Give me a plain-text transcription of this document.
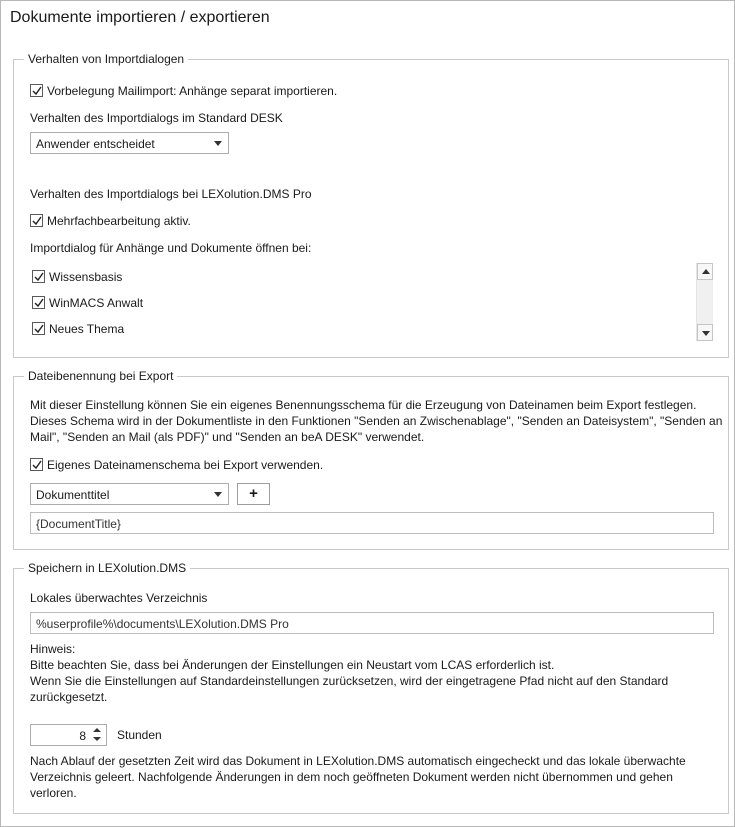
Dokumente importieren / exportieren
Verhalten von Importdialogen
Vorbelegung Mailimport: Anhänge separat importieren.
Verhalten des Importdialogs im Standard DESK
Anwender entscheidet
Verhalten des Importdialogs bei LEXolution.DMS Pro
Mehrfachbearbeitung aktiv.
Importdialog für Anhänge und Dokumente öffnen bei:
Wissensbasis
WinMACS Anwalt
Neues Thema
Dateibenennung bei Export
Mit dieser Einstellung können Sie ein eigenes Benennungsschema für die Erzeugung von Dateinamen beim Export festlegen.
Dieses Schema wird in der Dokumentliste in den Funktionen "Senden an Zwischenablage", "Senden an Dateisystem", "Senden an
Mail", "Senden an Mail (als PDF)" und "Senden an beA DESK" verwendet.
Eigenes Dateinamenschema bei Export verwenden.
Dokumenttitel	+
{DocumentTitle}
Speichern in LEXolution.DMS
Lokales überwachtes Verzeichnis
%userprofile%\documents\LEXolution.DMS Pro
Hinweis:
Bitte beachten Sie, dass bei Änderungen der Einstellungen ein Neustart vom LCAS erforderlich ist.
Wenn Sie die Einstellungen auf Standardeinstellungen zurücksetzen, wird der eingetragene Pfad nicht auf den Standard
zurückgesetzt.
8	Stunden
Nach Ablauf der gesetzten Zeit wird das Dokument in LEXolution.DMS automatisch eingecheckt und das lokale überwachte
Verzeichnis geleert. Nachfolgende Änderungen in dem noch geöffneten Dokument werden nicht übernommen und gehen
verloren.
